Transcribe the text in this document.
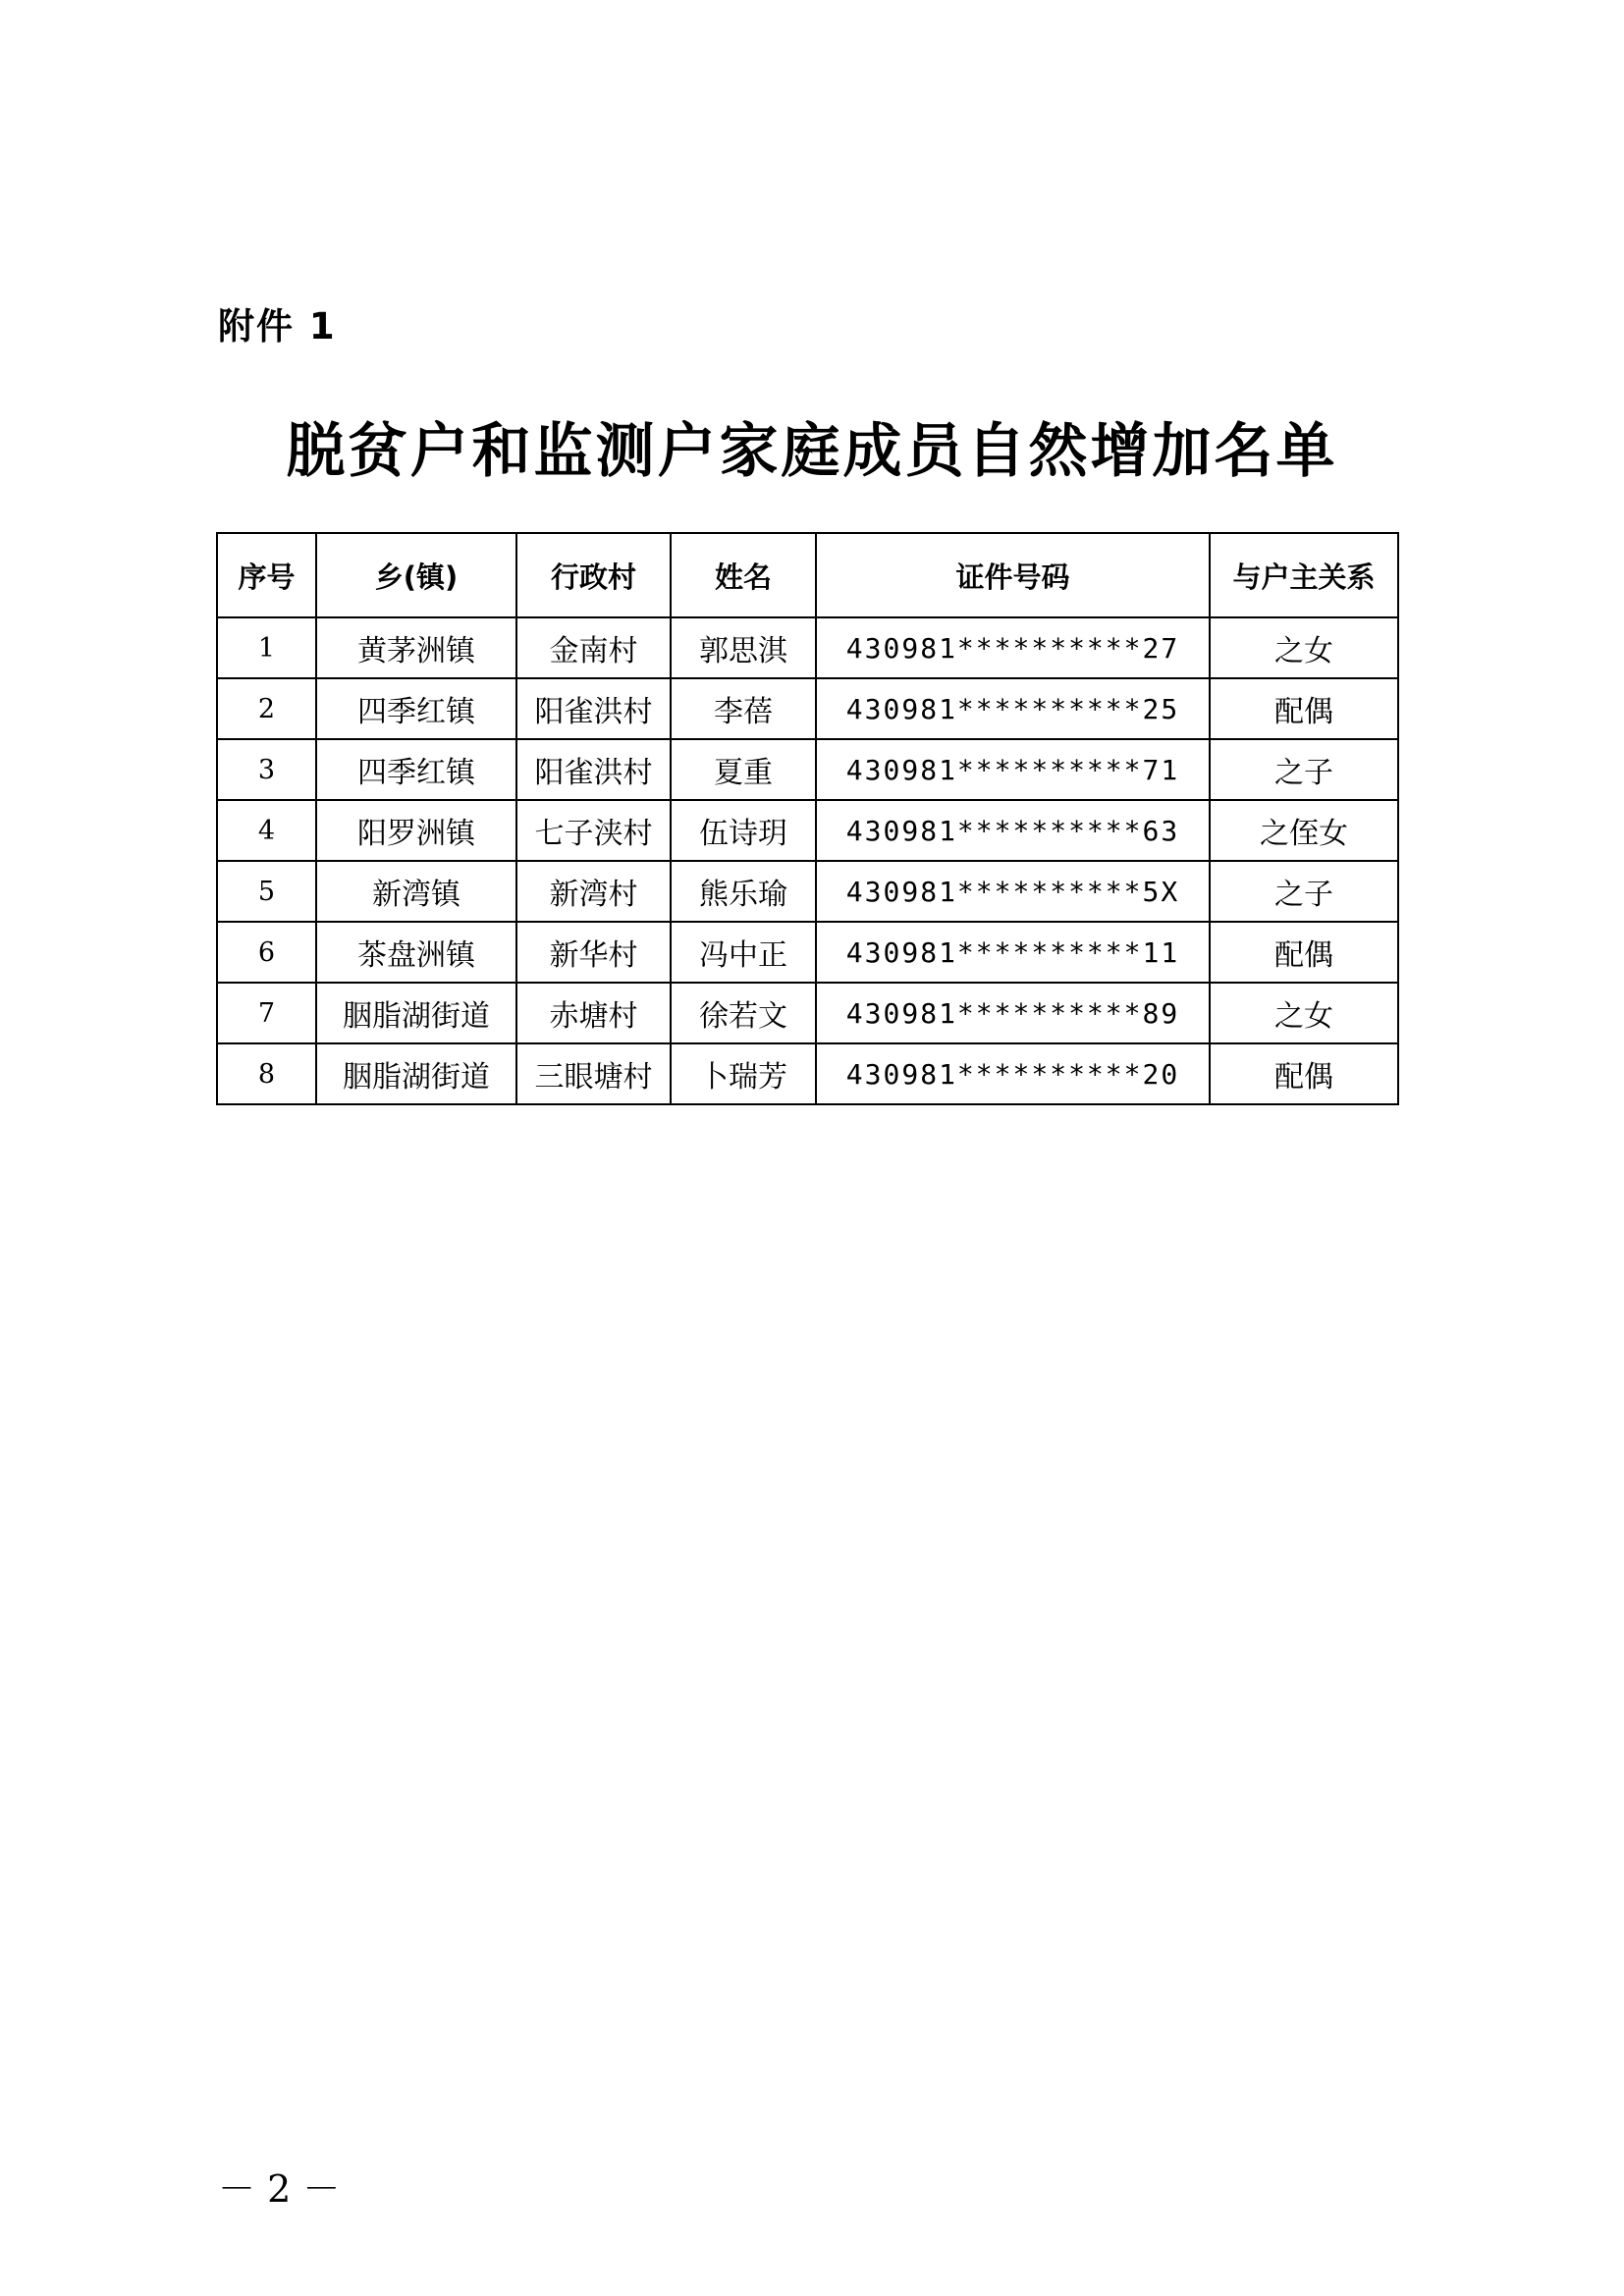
附件 1
脱贫户和监测户家庭成员自然增加名单
序号	乡(镇)	行政村	姓名	证件号码	与户主关系
1	黄茅洲镇	金南村	郭思淇	430981**********27	之女
2	四季红镇	阳雀洪村	李蓓	430981**********25	配偶
3	四季红镇	阳雀洪村	夏重	430981**********71	之子
4	阳罗洲镇	七子浃村	伍诗玥	430981**********63	之侄女
5	新湾镇	新湾村	熊乐瑜	430981**********5X	之子
6	茶盘洲镇	新华村	冯中正	430981**********11	配偶
7	胭脂湖街道	赤塘村	徐若文	430981**********89	之女
8	胭脂湖街道	三眼塘村	卜瑞芳	430981**********20	配偶
－ 2 －
